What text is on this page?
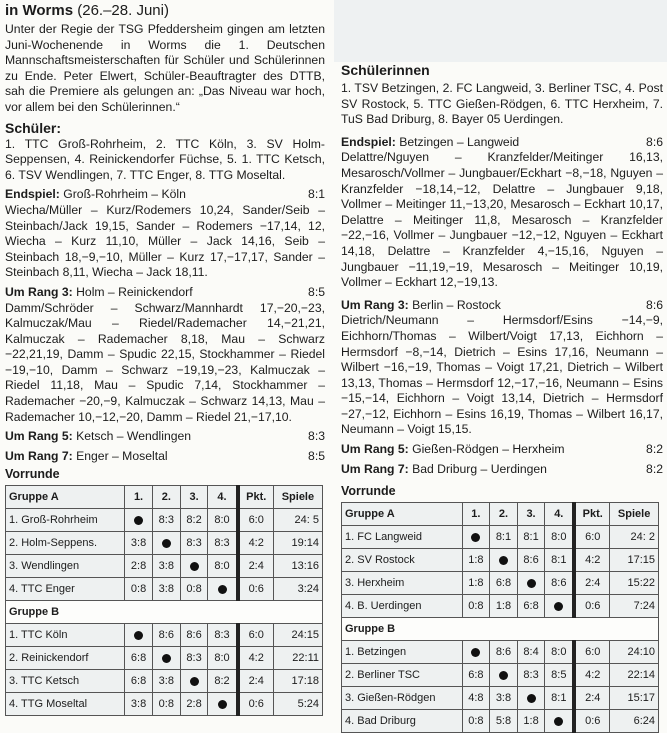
in Worms (26.–28. Juni)

Unter der Regie der TSG Pfeddersheim gingen am letzten Juni-Wochenende in Worms die 1. Deutschen Mannschaftsmeisterschaften für Schüler und Schülerinnen zu Ende. Peter Elwert, Schüler-Beauftragter des DTTB, sah die Premiere als gelungen an: „Das Niveau war hoch, vor allem bei den Schülerinnen.“

Schüler:

1. TTC Groß-Rohrheim, 2. TTC Köln, 3. SV Holm-Seppensen, 4. Reinickendorfer Füchse, 5. 1. TTC Ketsch, 6. TSV Wendlingen, 7. TTC Enger, 8. TTG Moseltal.

Endspiel: Groß-Rohrheim – Köln	8:1

Wiecha/Müller – Kurz/Rodemers 10,24, Sander/Seib – Steinbach/Jack 19,15, Sander – Rodemers −17,14, 12, Wiecha – Kurz 11,10, Müller – Jack 14,16, Seib – Steinbach 18,−9,−10, Müller – Kurz 17,−17,17, Sander – Steinbach 8,11, Wiecha – Jack 18,11.

Um Rang 3: Holm – Reinickendorf	8:5

Damm/Schröder – Schwarz/Mannhardt 17,−20,−23, Kalmuczak/Mau – Riedel/Rademacher 14,−21,21, Kalmuczak – Rademacher 8,18, Mau – Schwarz −22,21,19, Damm – Spudic 22,15, Stockhammer – Riedel −19,−10, Damm – Schwarz −19,19,−23, Kalmuczak – Riedel 11,18, Mau – Spudic 7,14, Stockhammer – Rademacher −20,−9, Kalmuczak – Schwarz 14,13, Mau – Rademacher 10,−12,−20, Damm – Riedel 21,−17,10.

Um Rang 5: Ketsch – Wendlingen	8:3
Um Rang 7: Enger – Moseltal	8:5
Vorrunde
Gruppe A	1.	2.	3.	4.	Pkt.	Spiele
1. Groß-Rohrheim		8:3	8:2	8:0	6:0	24: 5
2. Holm-Seppens.	3:8		8:3	8:3	4:2	19:14
3. Wendlingen	2:8	3:8		8:0	2:4	13:16
4. TTC Enger	0:8	3:8	0:8		0:6	3:24
Gruppe B						
1. TTC Köln		8:6	8:6	8:3	6:0	24:15
2. Reinickendorf	6:8		8:3	8:0	4:2	22:11
3. TTC Ketsch	6:8	3:8		8:2	2:4	17:18
4. TTG Moseltal	3:8	0:8	2:8		0:6	5:24
Schülerinnen

1. TSV Betzingen, 2. FC Langweid, 3. Berliner TSC, 4. Post SV Rostock, 5. TTC Gießen-Rödgen, 6. TTC Herxheim, 7. TuS Bad Driburg, 8. Bayer 05 Uerdingen.

Endspiel: Betzingen – Langweid	8:6

Delattre/Nguyen – Kranzfelder/Meitinger 16,13, Mesarosch/Vollmer – Jungbauer/Eckhart −8,−18, Nguyen – Kranzfelder −18,14,−12, Delattre – Jungbauer 9,18, Vollmer – Meitinger 11,−13,20, Mesarosch – Eckhart 10,17, Delattre – Meitinger 11,8, Mesarosch – Kranzfelder −22,−16, Vollmer – Jungbauer −12,−12, Nguyen – Eckhart 14,18, Delattre – Kranzfelder 4,−15,16, Nguyen – Jungbauer −11,19,−19, Mesarosch – Meitinger 10,19, Vollmer – Eckhart 12,−19,13.

Um Rang 3: Berlin – Rostock	8:6

Dietrich/Neumann – Hermsdorf/Esins −14,−9, Eichhorn/Thomas – Wilbert/Voigt 17,13, Eichhorn – Hermsdorf −8,−14, Dietrich – Esins 17,16, Neumann – Wilbert −16,−19, Thomas – Voigt 17,21, Dietrich – Wilbert 13,13, Thomas – Hermsdorf 12,−17,−16, Neumann – Esins −15,−14, Eichhorn – Voigt 13,14, Dietrich – Hermsdorf −27,−12, Eichhorn – Esins 16,19, Thomas – Wilbert 16,17, Neumann – Voigt 15,15.

Um Rang 5: Gießen-Rödgen – Herxheim	8:2
Um Rang 7: Bad Driburg – Uerdingen	8:2
Vorrunde
Gruppe A	1.	2.	3.	4.	Pkt.	Spiele
1. FC Langweid		8:1	8:1	8:0	6:0	24: 2
2. SV Rostock	1:8		8:6	8:1	4:2	17:15
3. Herxheim	1:8	6:8		8:6	2:4	15:22
4. B. Uerdingen	0:8	1:8	6:8		0:6	7:24
Gruppe B						
1. Betzingen		8:6	8:4	8:0	6:0	24:10
2. Berliner TSC	6:8		8:3	8:5	4:2	22:14
3. Gießen-Rödgen	4:8	3:8		8:1	2:4	15:17
4. Bad Driburg	0:8	5:8	1:8		0:6	6:24
